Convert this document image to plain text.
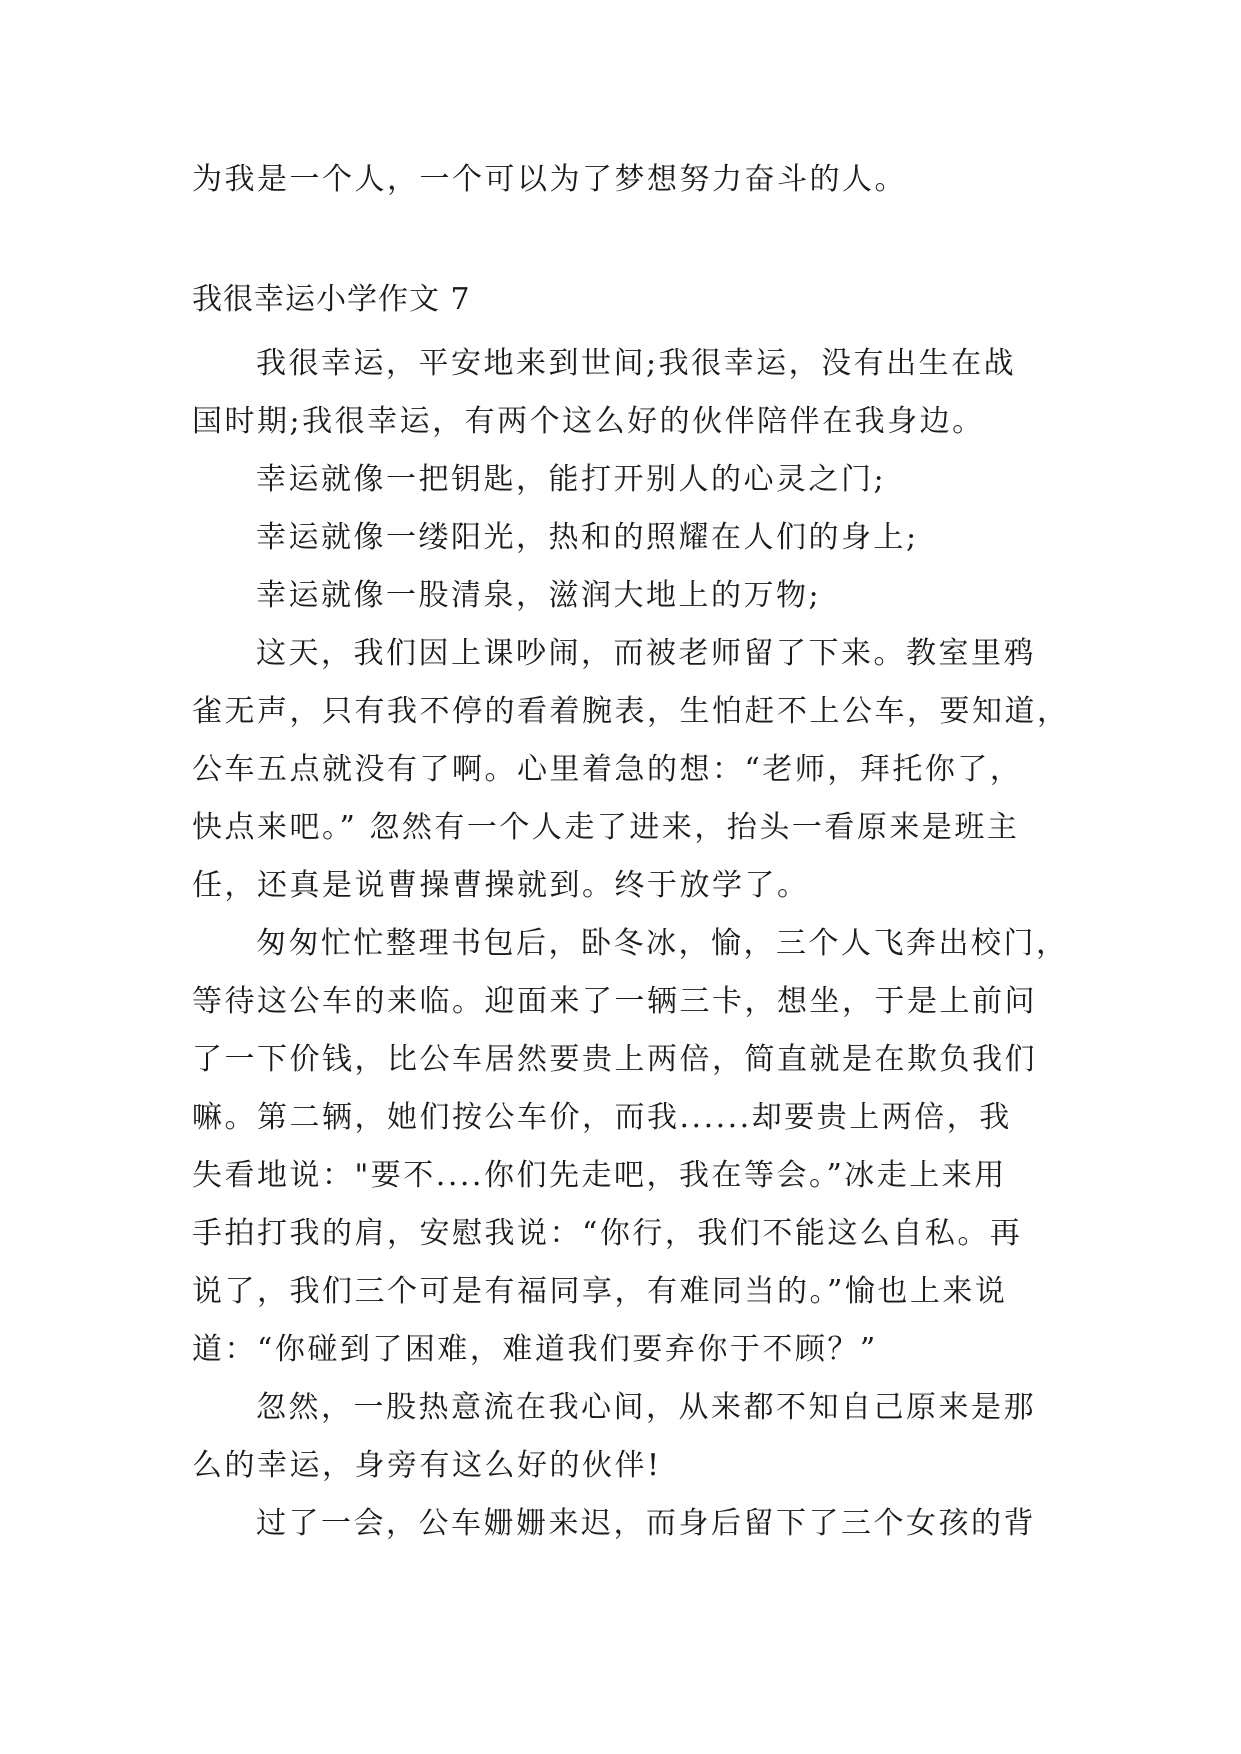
为我是一个人，一个可以为了梦想努力奋斗的人。
我很幸运小学作文 7
我很幸运，平安地来到世间;我很幸运，没有出生在战
国时期;我很幸运，有两个这么好的伙伴陪伴在我身边。
幸运就像一把钥匙，能打开别人的心灵之门;
幸运就像一缕阳光，热和的照耀在人们的身上;
幸运就像一股清泉，滋润大地上的万物;
这天，我们因上课吵闹，而被老师留了下来。教室里鸦
雀无声，只有我不停的看着腕表，生怕赶不上公车，要知道，
公车五点就没有了啊。心里着急的想：“老师，拜托你了，
快点来吧。” 忽然有一个人走了进来，抬头一看原来是班主
任，还真是说曹操曹操就到。终于放学了。
匆匆忙忙整理书包后，卧冬冰，愉，三个人飞奔出校门，
等待这公车的来临。迎面来了一辆三卡，想坐，于是上前问
了一下价钱，比公车居然要贵上两倍，简直就是在欺负我们
嘛。第二辆，她们按公车价，而我......却要贵上两倍，我
失看地说："要不....你们先走吧，我在等会。”冰走上来用
手拍打我的肩，安慰我说：“你行，我们不能这么自私。再
说了，我们三个可是有福同享，有难同当的。”愉也上来说
道：“你碰到了困难，难道我们要弃你于不顾？”
忽然，一股热意流在我心间，从来都不知自己原来是那
么的幸运，身旁有这么好的伙伴!
过了一会，公车姗姗来迟，而身后留下了三个女孩的背
